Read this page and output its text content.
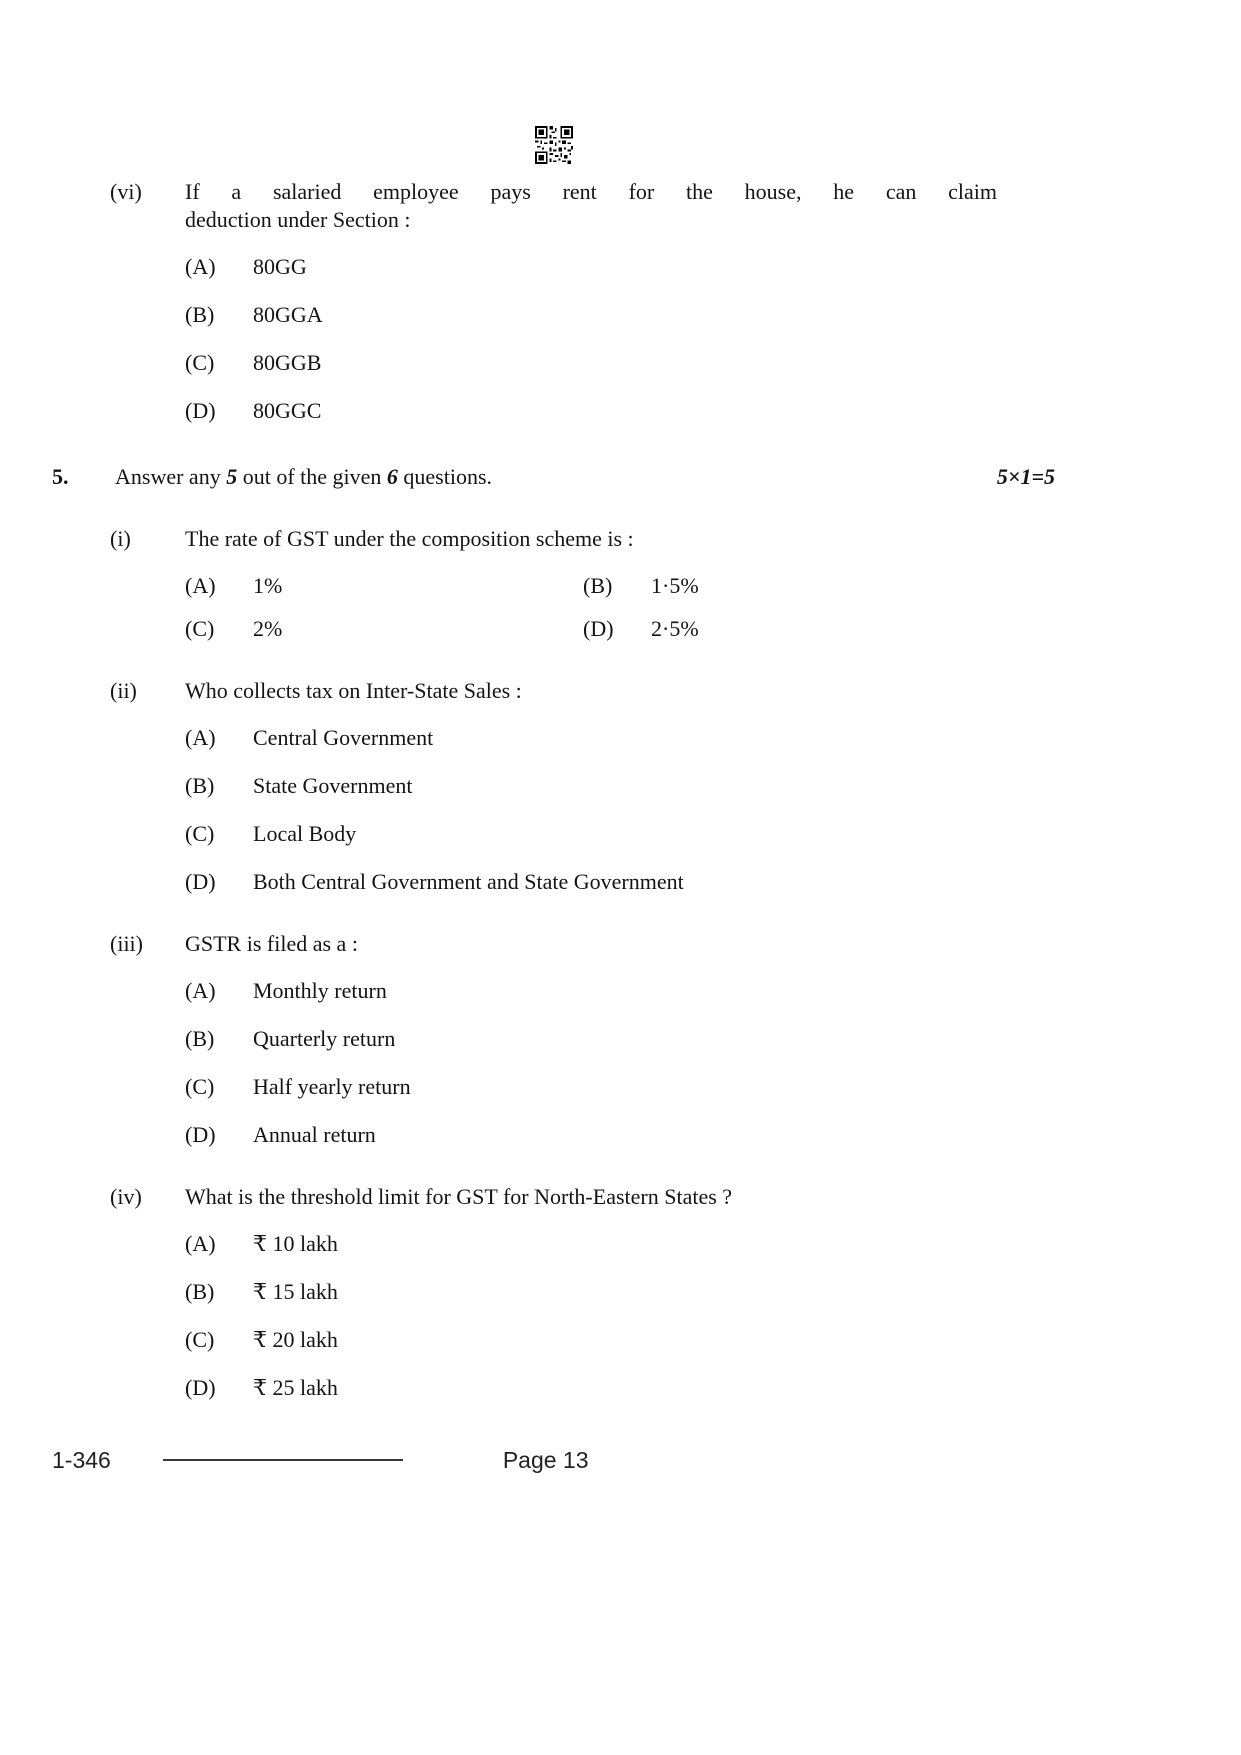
(vi)	If a salaried employee pays rent for the house, he can claim
deduction under Section :
(A)	80GG
(B)	80GGA
(C)	80GGB
(D)	80GGC
5.	Answer any 5 out of the given 6 questions.	5×1=5
(i)	The rate of GST under the composition scheme is :
(A)	1%	(B)	1·5%
(C)	2%	(D)	2·5%
(ii)	Who collects tax on Inter-State Sales :
(A)	Central Government
(B)	State Government
(C)	Local Body
(D)	Both Central Government and State Government
(iii)	GSTR is filed as a :
(A)	Monthly return
(B)	Quarterly return
(C)	Half yearly return
(D)	Annual return
(iv)	What is the threshold limit for GST for North-Eastern States ?
(A)	₹ 10 lakh
(B)	₹ 15 lakh
(C)	₹ 20 lakh
(D)	₹ 25 lakh
1-346	Page 13
